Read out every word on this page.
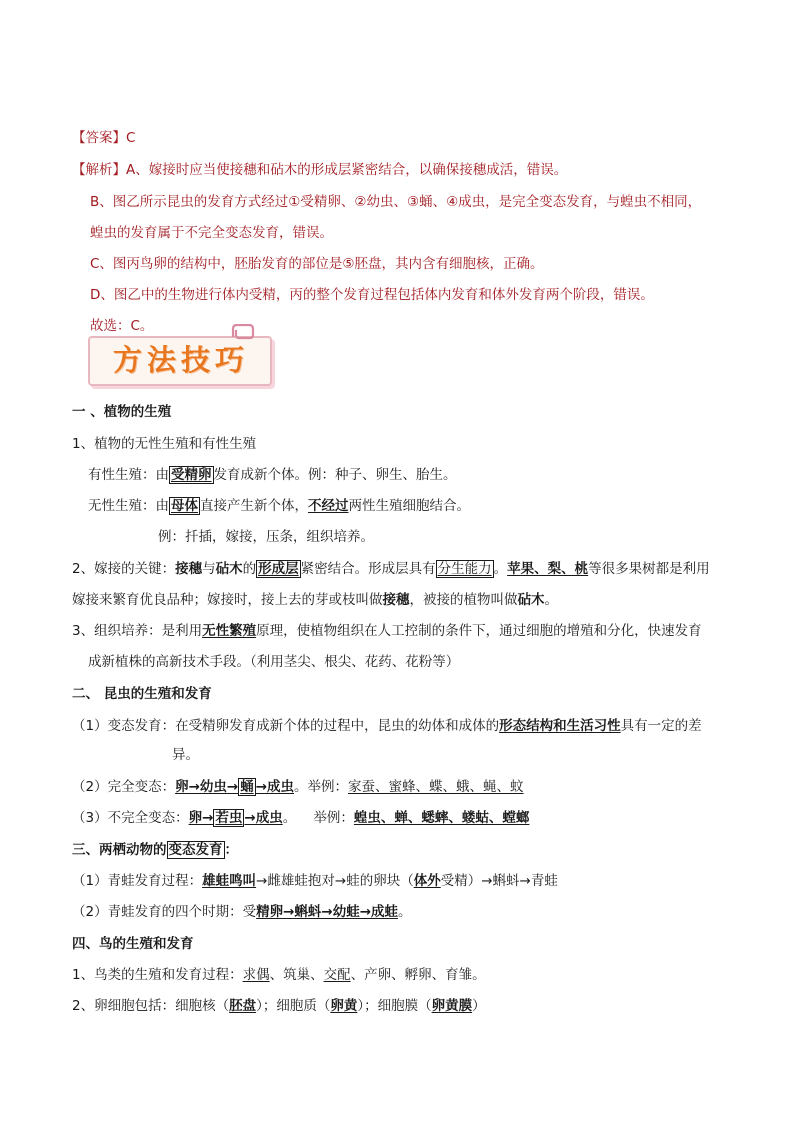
【答案】C
【解析】A、嫁接时应当使接穗和砧木的形成层紧密结合，以确保接穗成活，错误。
B、图乙所示昆虫的发育方式经过①受精卵、②幼虫、③蛹、④成虫，是完全变态发育，与蝗虫不相同，
蝗虫的发育属于不完全变态发育，错误。
C、图丙鸟卵的结构中，胚胎发育的部位是⑤胚盘，其内含有细胞核，正确。
D、图乙中的生物进行体内受精，丙的整个发育过程包括体内发育和体外发育两个阶段，错误。
故选：C。
方法技巧
一 、植物的生殖
1、植物的无性生殖和有性生殖
有性生殖：由 受精卵 发育成新个体。例：种子、卵生、胎生。
无性生殖：由 母体 直接产生新个体，不经过两性生殖细胞结合。
例：扦插，嫁接，压条，组织培养。
2、嫁接的关键：接穗与砧木的 形成层 紧密结合。形成层具有 分生能力 。苹果、梨、桃等很多果树都是利用
嫁接来繁育优良品种；嫁接时，接上去的芽或枝叫做接穗，被接的植物叫做砧木。
3、组织培养：是利用无性繁殖原理，使植物组织在人工控制的条件下，通过细胞的增殖和分化，快速发育
成新植株的高新技术手段。（利用茎尖、根尖、花药、花粉等）
二、 昆虫的生殖和发育
（1）变态发育：在受精卵发育成新个体的过程中，昆虫的幼体和成体的形态结构和生活习性具有一定的差
异。
（2）完全变态：卵→幼虫→ 蛹 →成虫。举例：家蚕、蜜蜂、蝶、蛾、蝇、蚊
（3）不完全变态：卵→ 若虫 →成虫。    举例：蝗虫、蝉、蟋蟀、蝼蛄、螳螂
三、两栖动物的 变态发育 ：
（1）青蛙发育过程：雄蛙鸣叫→雌雄蛙抱对→蛙的卵块（体外受精）→蝌蚪→青蛙
（2）青蛙发育的四个时期：受精卵→蝌蚪→幼蛙→成蛙。
四、鸟的生殖和发育
1、鸟类的生殖和发育过程：求偶、筑巢、交配、产卵、孵卵、育雏。
2、卵细胞包括：细胞核（胚盘）；细胞质（卵黄）；细胞膜（卵黄膜）
